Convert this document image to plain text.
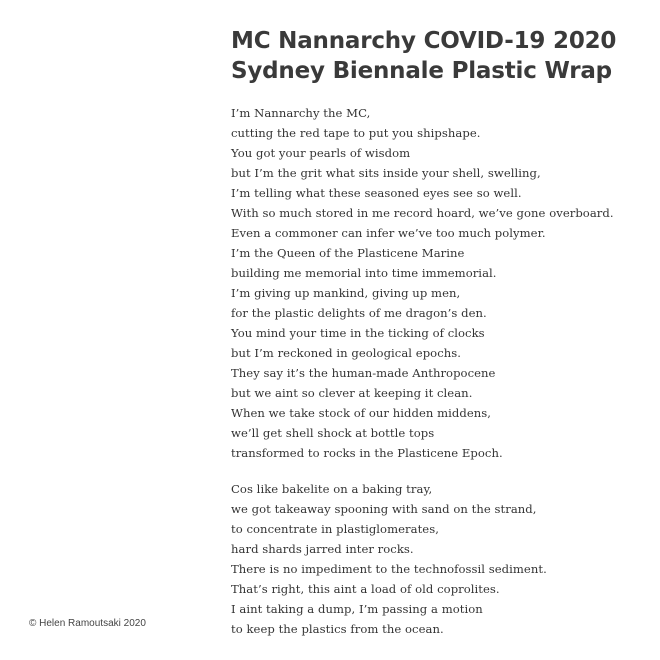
MC Nannarchy COVID-19 2020
Sydney Biennale Plastic Wrap
I’m Nannarchy the MC,
cutting the red tape to put you shipshape.
You got your pearls of wisdom
but I’m the grit what sits inside your shell, swelling,
I’m telling what these seasoned eyes see so well.
With so much stored in me record hoard, we’ve gone overboard.
Even a commoner can infer we’ve too much polymer.
I’m the Queen of the Plasticene Marine
building me memorial into time immemorial.
I’m giving up mankind, giving up men,
for the plastic delights of me dragon’s den.
You mind your time in the ticking of clocks
but I’m reckoned in geological epochs.
They say it’s the human-made Anthropocene
but we aint so clever at keeping it clean.
When we take stock of our hidden middens,
we’ll get shell shock at bottle tops
transformed to rocks in the Plasticene Epoch.
Cos like bakelite on a baking tray,
we got takeaway spooning with sand on the strand,
to concentrate in plastiglomerates,
hard shards jarred inter rocks.
There is no impediment to the technofossil sediment.
That’s right, this aint a load of old coprolites.
I aint taking a dump, I’m passing a motion
to keep the plastics from the ocean.
© Helen Ramoutsaki 2020
